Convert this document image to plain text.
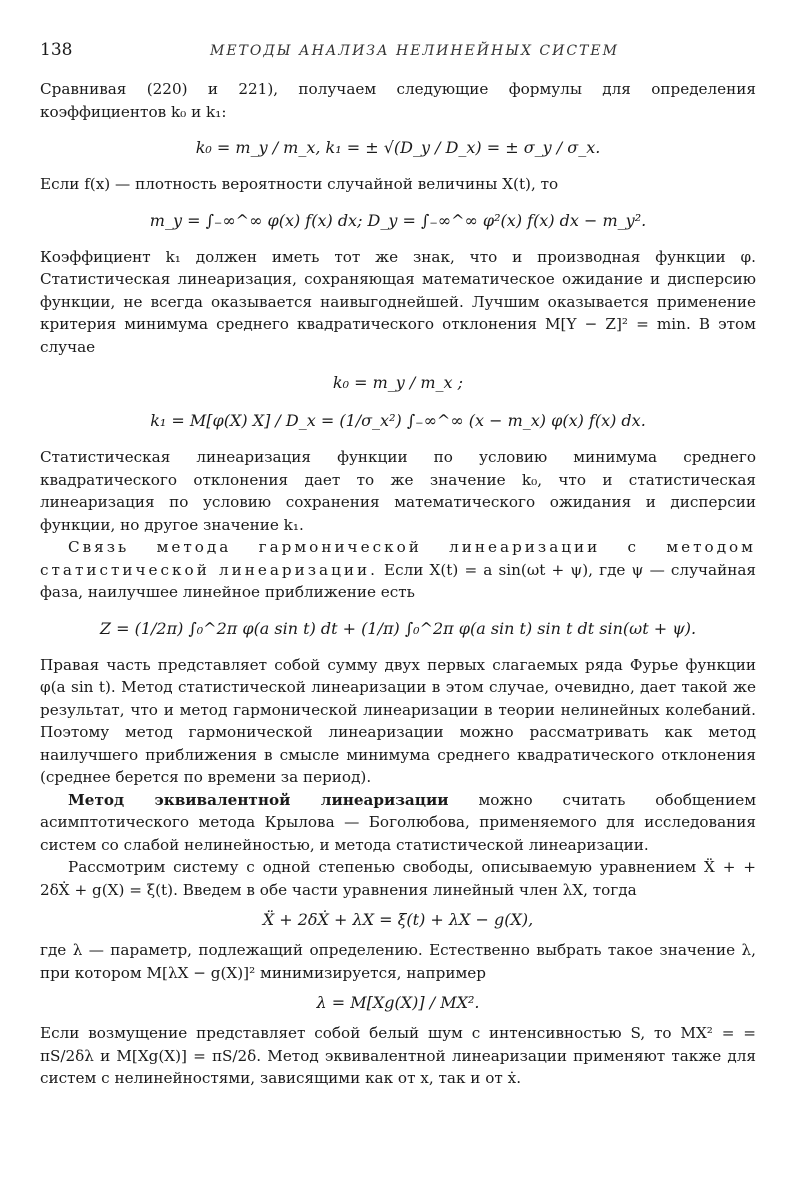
138	МЕТОДЫ АНАЛИЗА НЕЛИНЕЙНЫХ СИСТЕМ

Сравнивая (220) и 221), получаем следующие формулы для определения коэффициентов k₀ и k₁:

k₀ = m_y / m_x, k₁ = ± √(D_y / D_x) = ± σ_y / σ_x.

Если f(x) — плотность вероятности случайной величины X(t), то

m_y = ∫₋∞^∞ φ(x) f(x) dx; D_y = ∫₋∞^∞ φ²(x) f(x) dx − m_y².

Коэффициент k₁ должен иметь тот же знак, что и производная функции φ. Статистическая линеаризация, сохраняющая математическое ожидание и дисперсию функции, не всегда оказывается наивыгоднейшей. Лучшим оказывается применение критерия минимума среднего квадратического отклонения M[Y − Z]² = min. В этом случае

k₀ = m_y / m_x ;
k₁ = M[φ(X) X] / D_x = (1/σ_x²) ∫₋∞^∞ (x − m_x) φ(x) f(x) dx.

Статистическая линеаризация функции по условию минимума среднего квадратического отклонения дает то же значение k₀, что и статистическая линеаризация по условию сохранения математического ожидания и дисперсии функции, но другое значение k₁.

Связь метода гармонической линеаризации с методом статистической линеаризации. Если X(t) = a sin(ωt + ψ), где ψ — случайная фаза, наилучшее линейное приближение есть

Z = (1/2π) ∫₀^2π φ(a sin t) dt + (1/π) ∫₀^2π φ(a sin t) sin t dt sin(ωt + ψ).

Правая часть представляет собой сумму двух первых слагаемых ряда Фурье функции φ(a sin t). Метод статистической линеаризации в этом случае, очевидно, дает такой же результат, что и метод гармонической линеаризации в теории нелинейных колебаний. Поэтому метод гармонической линеаризации можно рассматривать как метод наилучшего приближения в смысле минимума среднего квадратического отклонения (среднее берется по времени за период).

Метод эквивалентной линеаризации можно считать обобщением асимптотического метода Крылова — Боголюбова, применяемого для исследования систем со слабой нелинейностью, и метода статистической линеаризации.

Рассмотрим систему с одной степенью свободы, описываемую уравнением Ẍ + + 2δẊ + g(X) = ξ(t). Введем в обе части уравнения линейный член λX, тогда

Ẍ + 2δẊ + λX = ξ(t) + λX − g(X),

где λ — параметр, подлежащий определению. Естественно выбрать такое значение λ, при котором M[λX − g(X)]² минимизируется, например

λ = M[Xg(X)] / MX².

Если возмущение представляет собой белый шум с интенсивностью S, то MX² = = πS/2δλ и M[Xg(X)] = πS/2δ. Метод эквивалентной линеаризации применяют также для систем с нелинейностями, зависящими как от x, так и от ẋ.
